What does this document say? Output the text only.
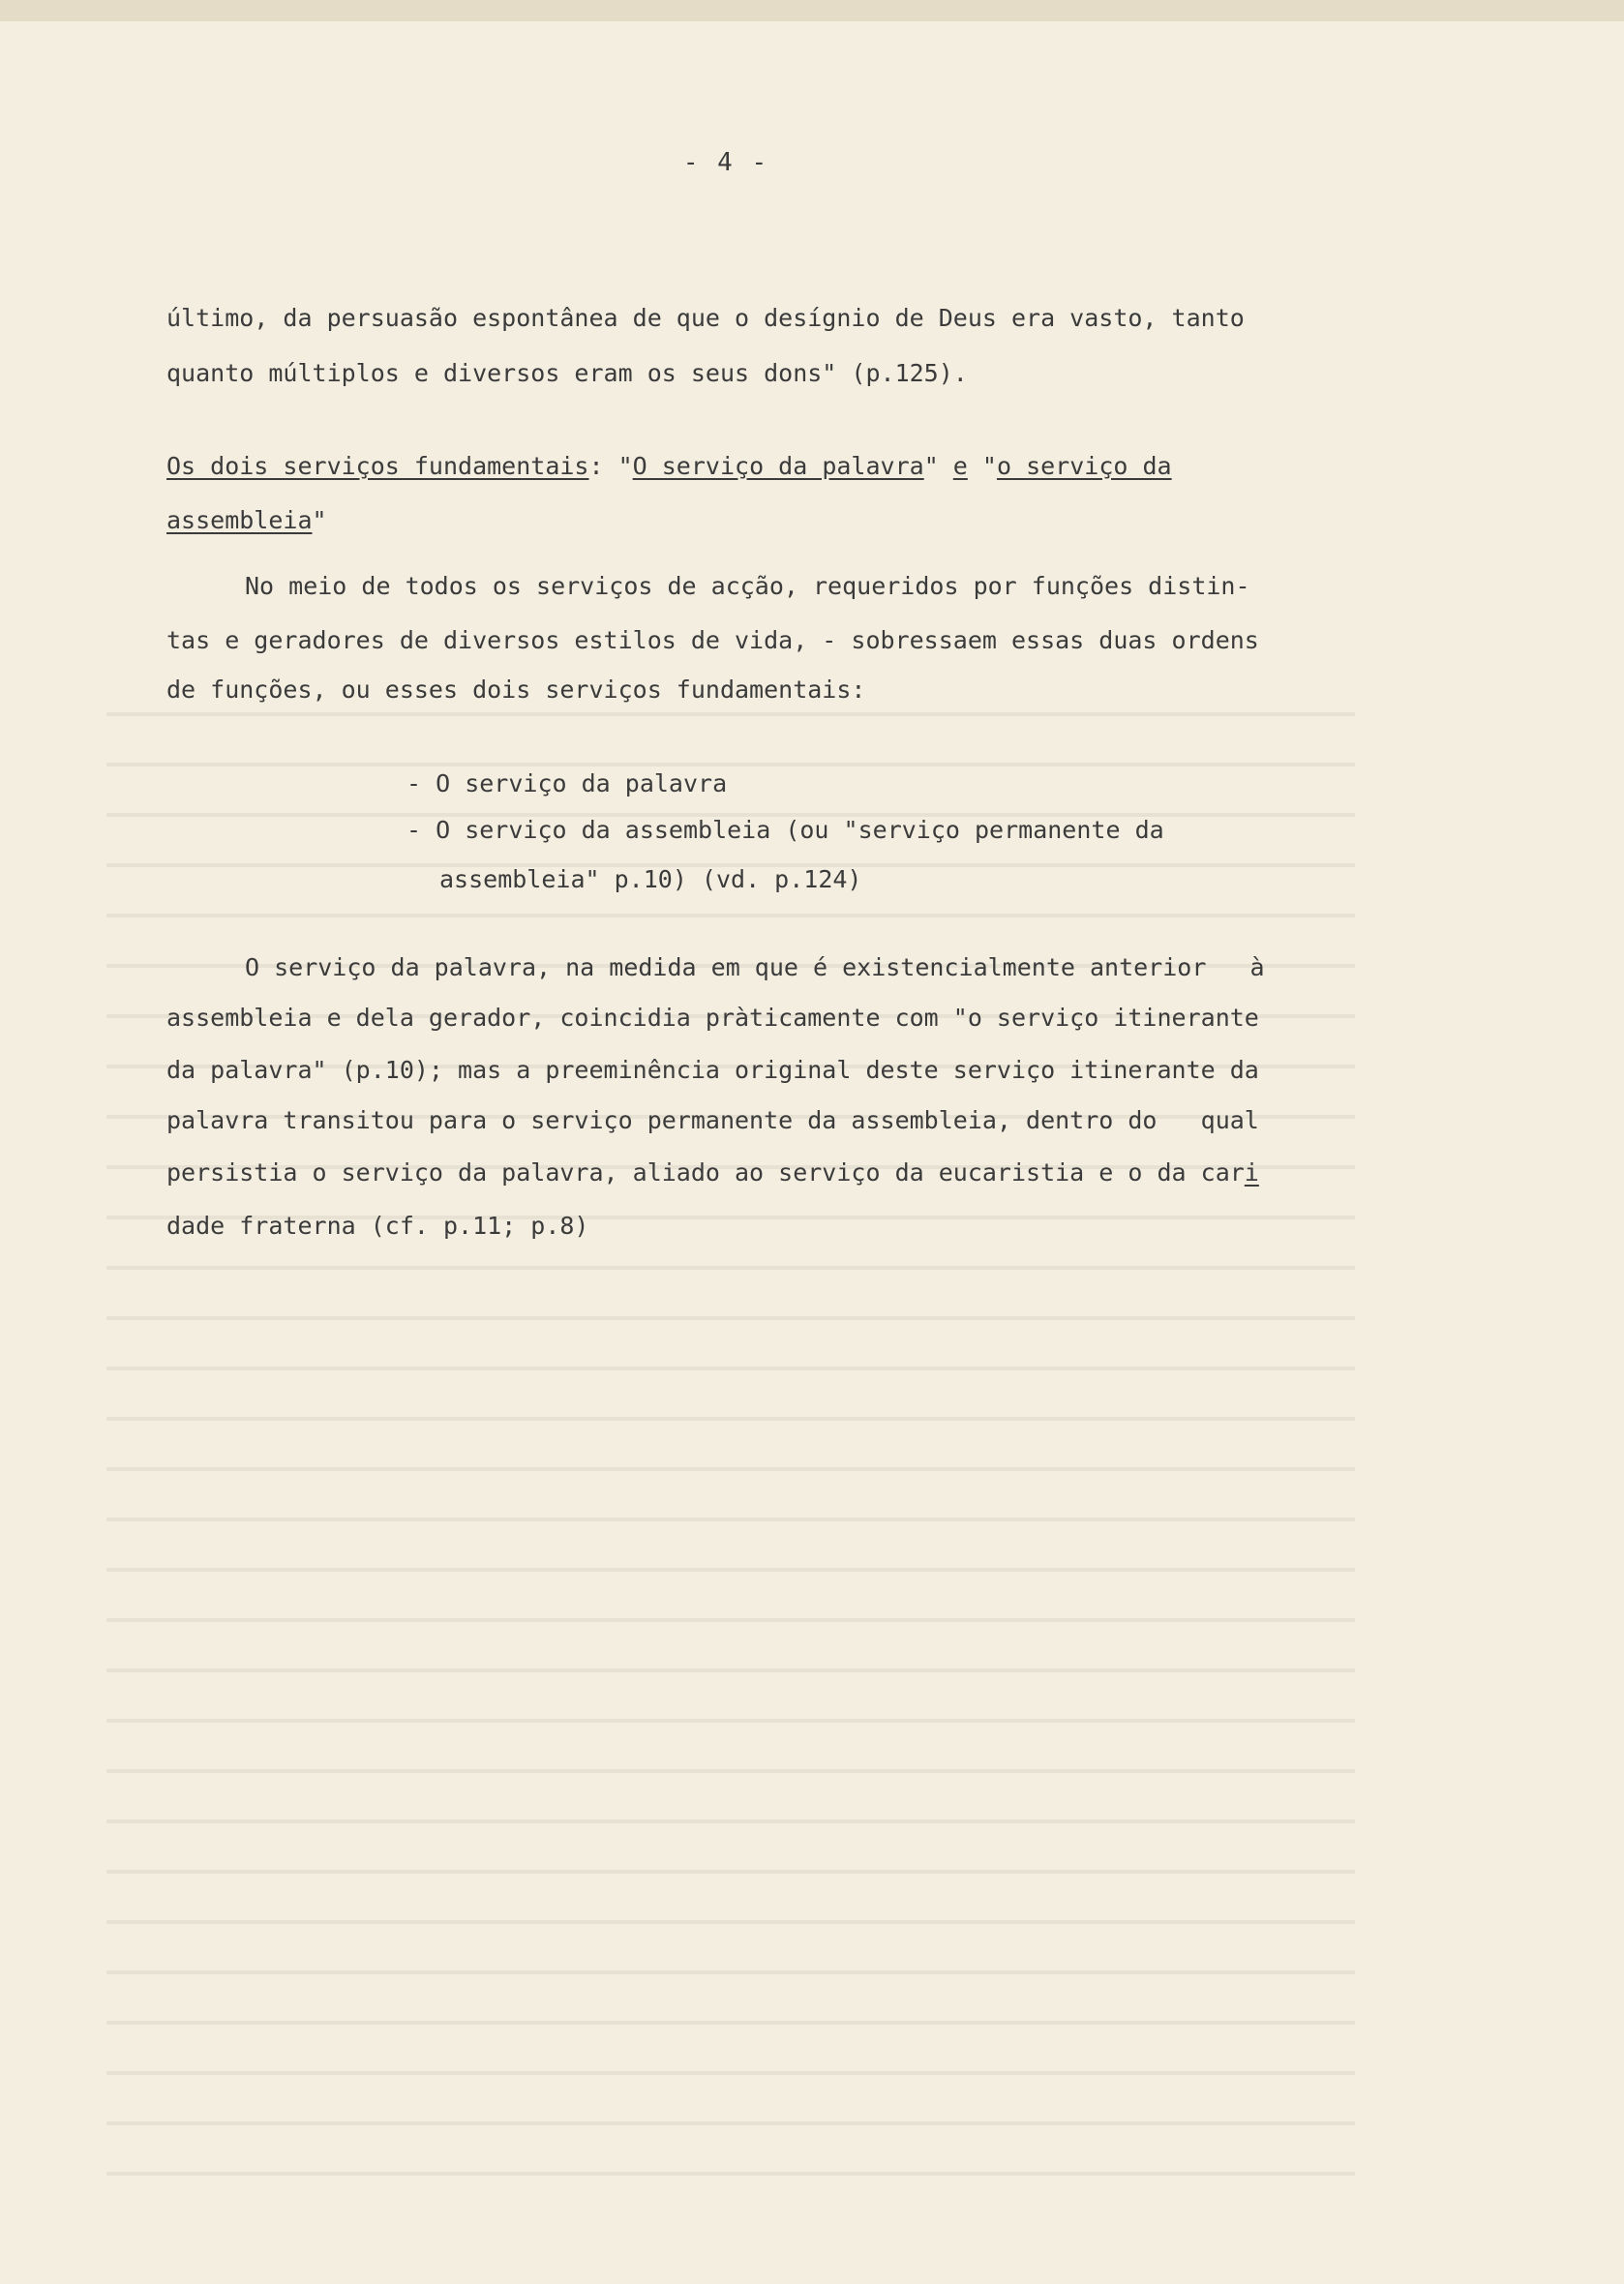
- 4 -
último, da persuasão espontânea de que o desígnio de Deus era vasto, tanto
quanto múltiplos e diversos eram os seus dons" (p.125).
Os dois serviços fundamentais: "O serviço da palavra" e "o serviço da
assembleia"
No meio de todos os serviços de acção, requeridos por funções distin-
tas e geradores de diversos estilos de vida, - sobressaem essas duas ordens
de funções, ou esses dois serviços fundamentais:
- O serviço da palavra
- O serviço da assembleia (ou "serviço permanente da
assembleia" p.10) (vd. p.124)
O serviço da palavra, na medida em que é existencialmente anterior   à
assembleia e dela gerador, coincidia pràticamente com "o serviço itinerante
da palavra" (p.10); mas a preeminência original deste serviço itinerante da
palavra transitou para o serviço permanente da assembleia, dentro do   qual
persistia o serviço da palavra, aliado ao serviço da eucaristia e o da cari
dade fraterna (cf. p.11; p.8)
